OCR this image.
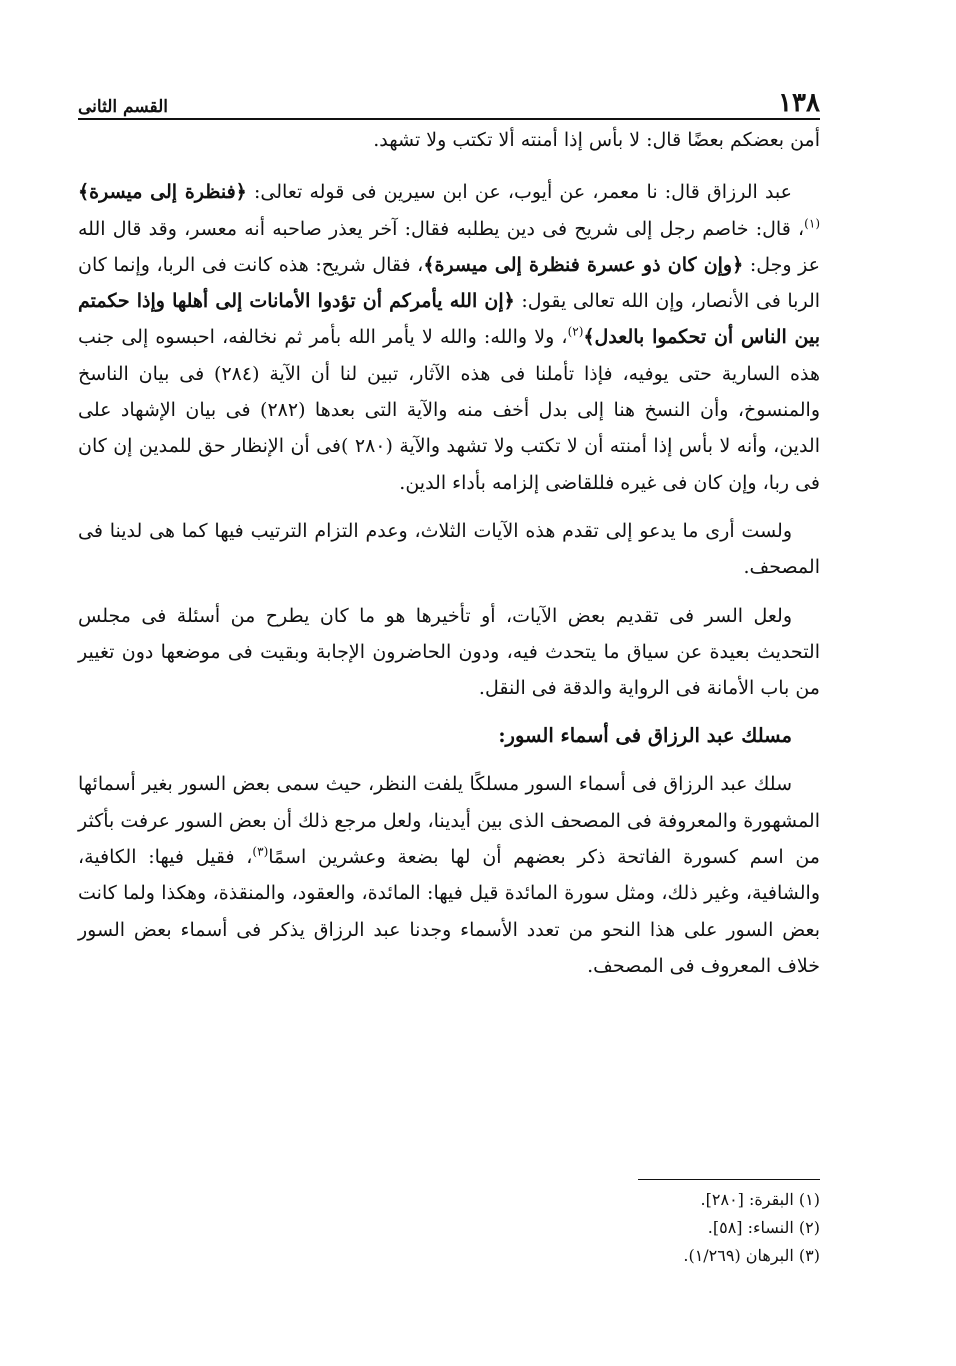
١٣٨
القسم الثانى

أمن بعضكم بعضًا قال: لا بأس إذا أمنته ألا تكتب ولا تشهد.

عبد الرزاق قال: نا معمر، عن أيوب، عن ابن سيرين فى قوله تعالى: ﴿فنظرة إلى ميسرة﴾$^{(١)}$، قال: خاصم رجل إلى شريح فى دين يطلبه فقال: آخر يعذر صاحبه أنه معسر، وقد قال الله عز وجل: ﴿وإن كان ذو عسرة فنظرة إلى ميسرة﴾، فقال شريح: هذه كانت فى الربا، وإنما كان الربا فى الأنصار، وإن الله تعالى يقول: ﴿إن الله يأمركم أن تؤدوا الأمانات إلى أهلها وإذا حكمتم بين الناس أن تحكموا بالعدل﴾$^{(٢)}$، ولا والله: والله لا يأمر الله بأمر ثم نخالفه، احبسوه إلى جنب هذه السارية حتى يوفيه، فإذا تأملنا فى هذه الآثار، تبين لنا أن الآية (٢٨٤) فى بيان الناسخ والمنسوخ، وأن النسخ هنا إلى بدل أخف منه والآية التى بعدها (٢٨٢) فى بيان الإشهاد على الدين، وأنه لا بأس إذا أمنته أن لا تكتب ولا تشهد والآية (٢٨٠ )فى أن الإنظار حق للمدين إن كان فى ربا، وإن كان فى غيره فللقاضى إلزامه بأداء الدين.

ولست أرى ما يدعو إلى تقدم هذه الآيات الثلاث، وعدم التزام الترتيب فيها كما هى لدينا فى المصحف.

ولعل السر فى تقديم بعض الآيات، أو تأخيرها هو ما كان يطرح من أسئلة فى مجلس التحديث بعيدة عن سياق ما يتحدث فيه، ودون الحاضرون الإجابة وبقيت فى موضعها دون تغيير من باب الأمانة فى الرواية والدقة فى النقل.

مسلك عبد الرزاق فى أسماء السور:

سلك عبد الرزاق فى أسماء السور مسلكًا يلفت النظر، حيث سمى بعض السور بغير أسمائها المشهورة والمعروفة فى المصحف الذى بين أيدينا، ولعل مرجع ذلك أن بعض السور عرفت بأكثر من اسم كسورة الفاتحة ذكر بعضهم أن لها بضعة وعشرين اسمًا$^{(٣)}$، فقيل فيها: الكافية، والشافية، وغير ذلك، ومثل سورة المائدة قيل فيها: المائدة، والعقود، والمنقذة، وهكذا ولما كانت بعض السور على هذا النحو من تعدد الأسماء وجدنا عبد الرزاق يذكر فى أسماء بعض السور خلاف المعروف فى المصحف.

(١) البقرة: [٢٨٠].

(٢) النساء: [٥٨].

(٣) البرهان (١/٢٦٩).
